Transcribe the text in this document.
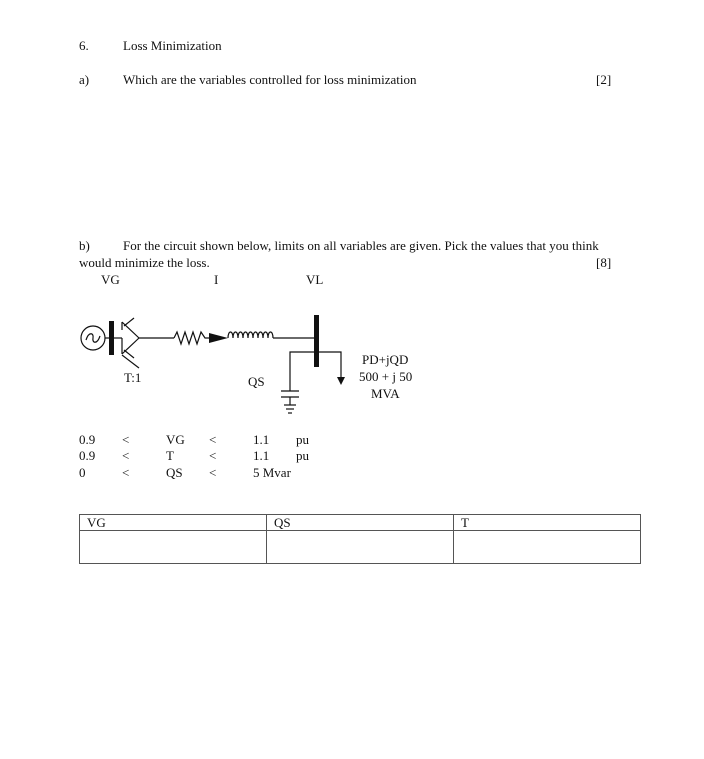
6.	Loss Minimization
a)	Which are the variables controlled for loss minimization	[2]
b)	For the circuit shown below, limits on all variables are given. Pick the values that you think
would minimize the loss.	[8]
VG	I	VL
T:1	QS
PD+jQD
500 + j 50
MVA
0.9 <	VG <	1.1 pu
0.9 <	T	<	1.1 pu
0	<	QS <	5 Mvar
VG	QS	T
